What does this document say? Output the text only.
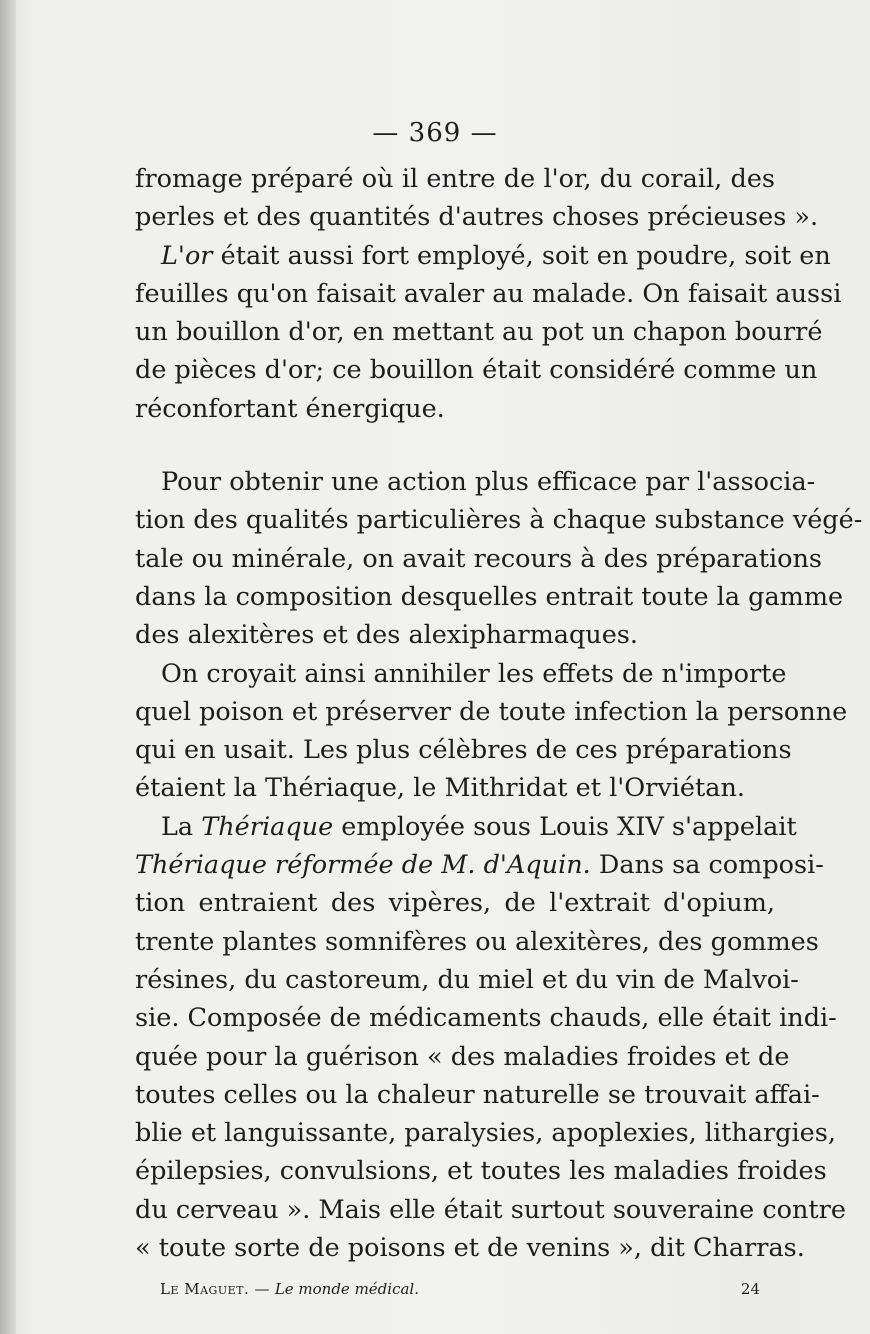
— 369 —
fromage préparé où il entre de l'or, du corail, des
perles et des quantités d'autres choses précieuses ».
L'or était aussi fort employé, soit en poudre, soit en
feuilles qu'on faisait avaler au malade. On faisait aussi
un bouillon d'or, en mettant au pot un chapon bourré
de pièces d'or; ce bouillon était considéré comme un
réconfortant énergique.
Pour obtenir une action plus efficace par l'associa-
tion des qualités particulières à chaque substance végé-
tale ou minérale, on avait recours à des préparations
dans la composition desquelles entrait toute la gamme
des alexitères et des alexipharmaques.
On croyait ainsi annihiler les effets de n'importe
quel poison et préserver de toute infection la personne
qui en usait. Les plus célèbres de ces préparations
étaient la Thériaque, le Mithridat et l'Orviétan.
La Thériaque employée sous Louis XIV s'appelait
Thériaque réformée de M. d'Aquin. Dans sa composi-
tion entraient des vipères, de l'extrait d'opium,
trente plantes somnifères ou alexitères, des gommes
résines, du castoreum, du miel et du vin de Malvoi-
sie. Composée de médicaments chauds, elle était indi-
quée pour la guérison « des maladies froides et de
toutes celles ou la chaleur naturelle se trouvait affai-
blie et languissante, paralysies, apoplexies, lithargies,
épilepsies, convulsions, et toutes les maladies froides
du cerveau ». Mais elle était surtout souveraine contre
« toute sorte de poisons et de venins », dit Charras.
Le Maguet. — Le monde médical.	24
